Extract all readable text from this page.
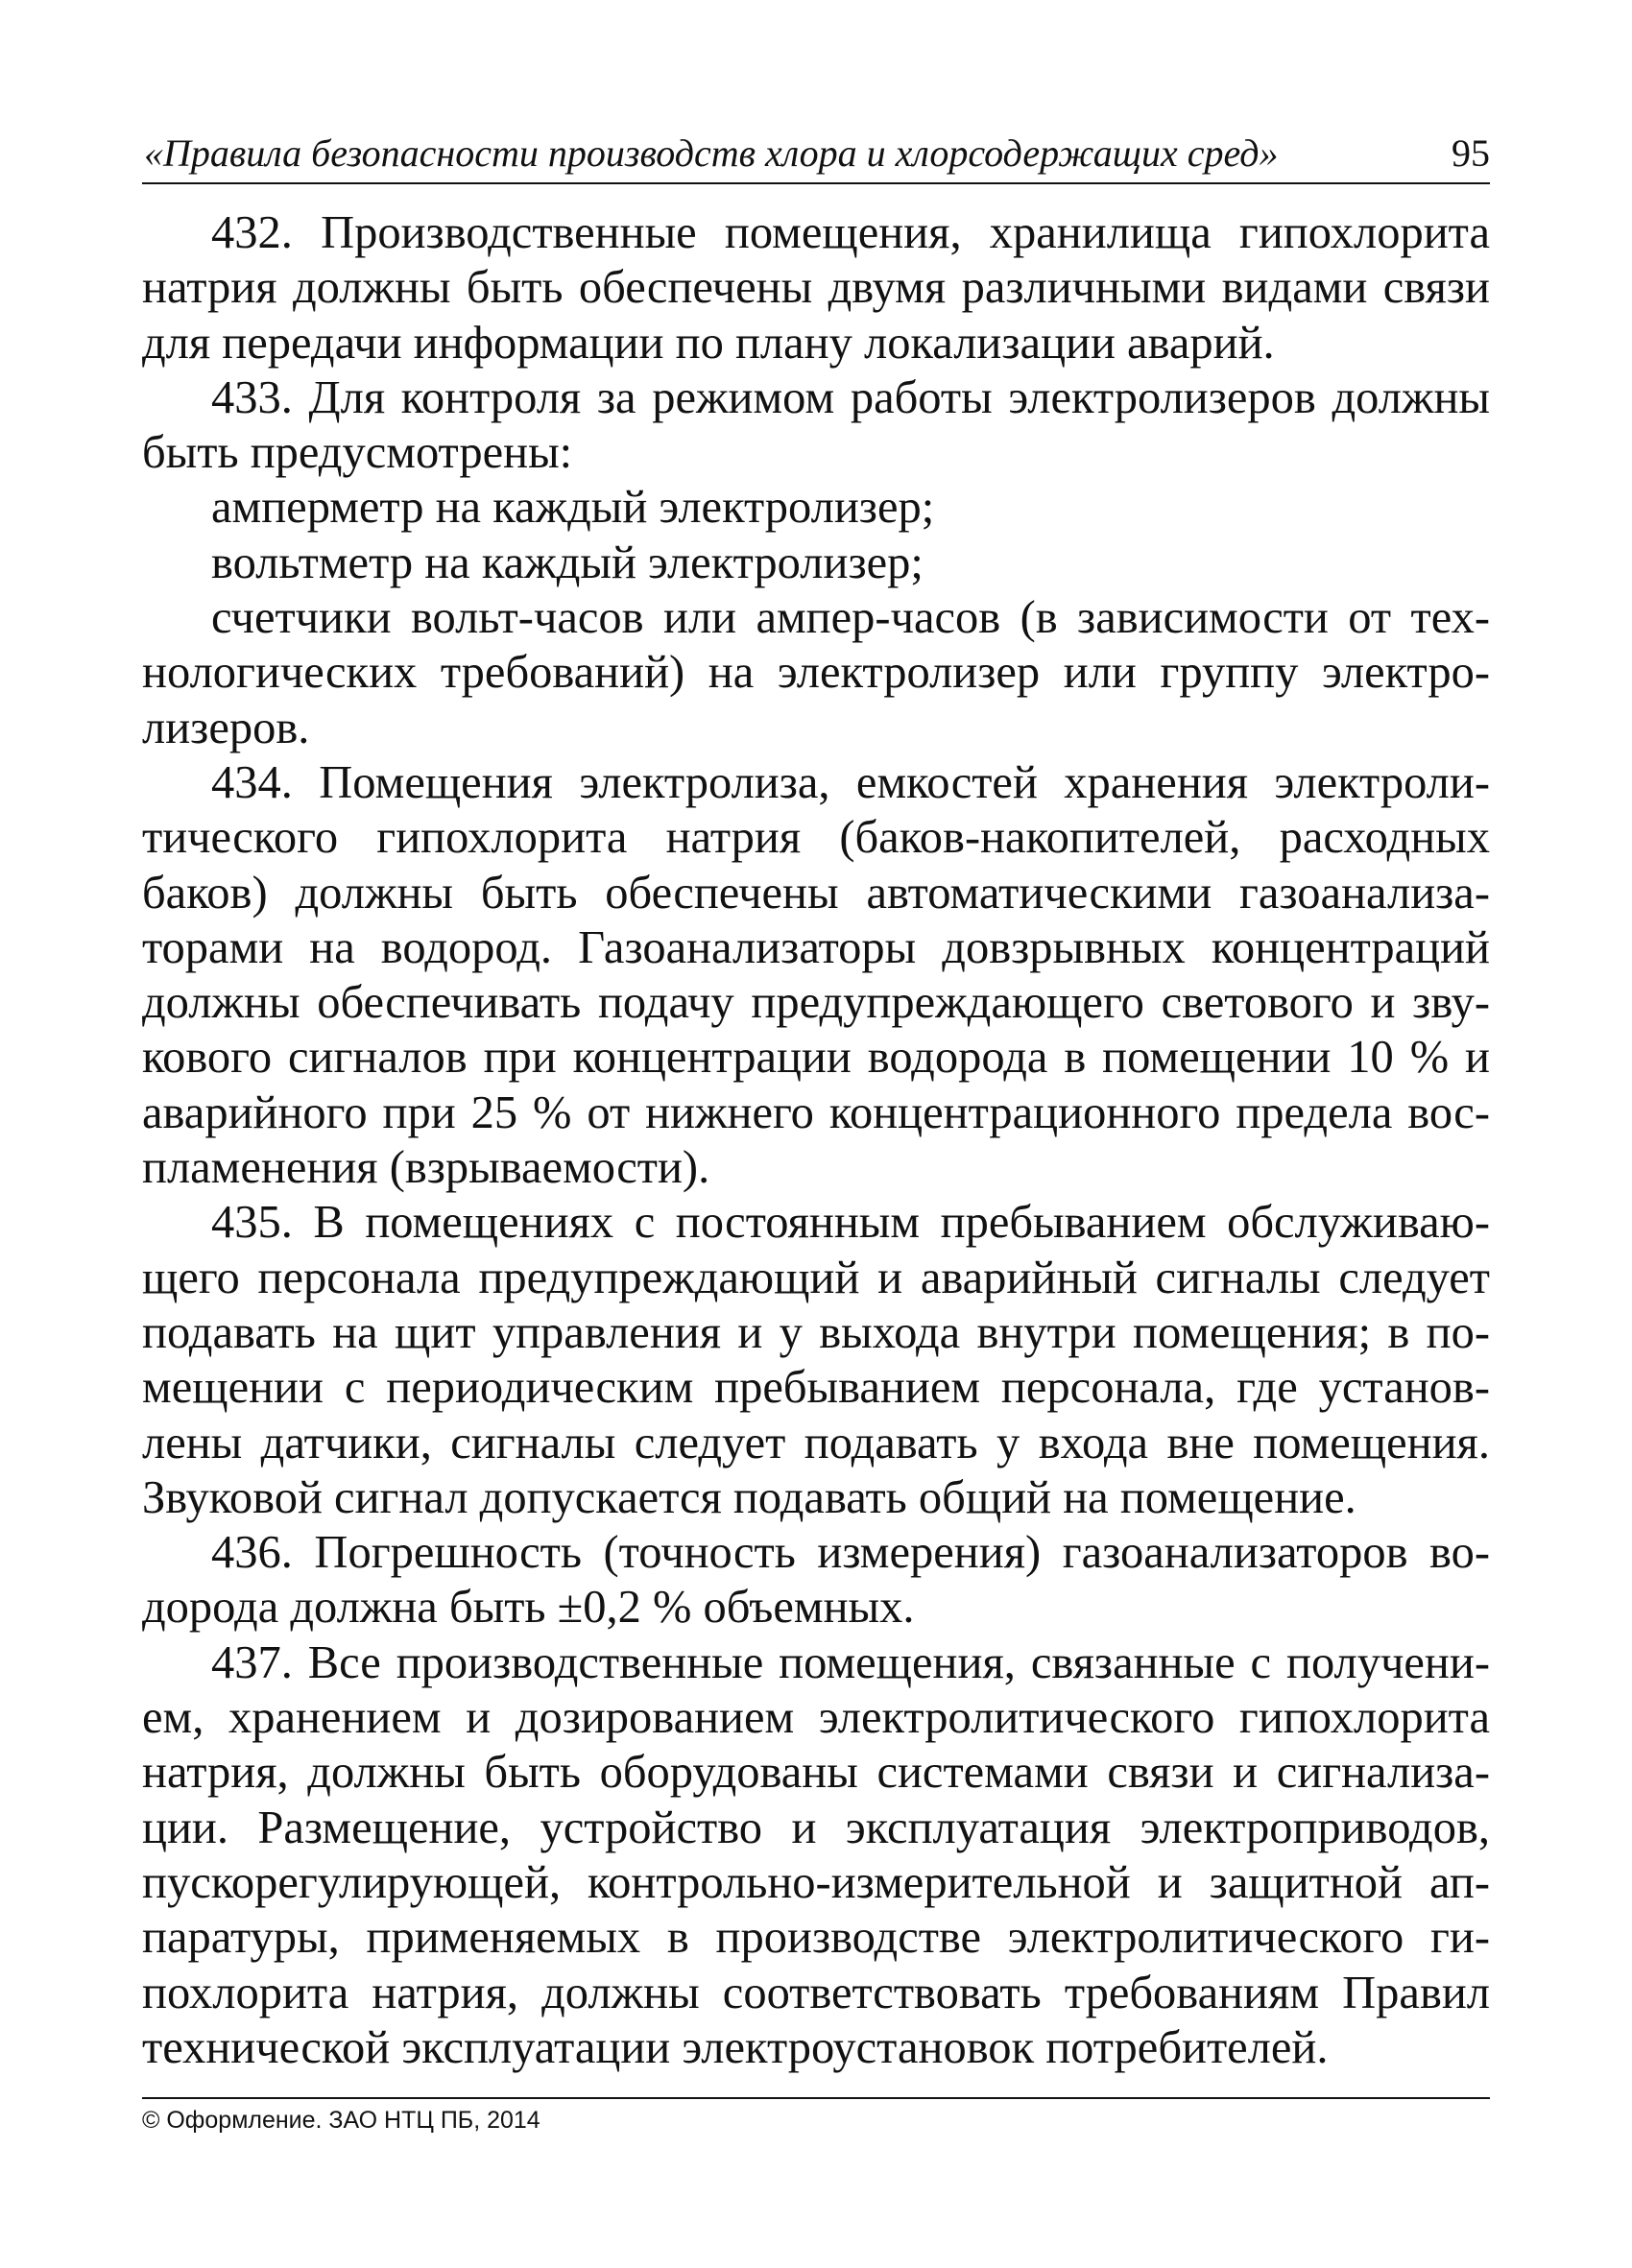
«Правила безопасности производств хлора и хлорсодержащих сред»	95

432. Производственные помещения, хранилища гипохлорита натрия должны быть обеспечены двумя различными видами связи для передачи информации по плану локализации аварий.

433. Для контроля за режимом работы электролизеров должны быть предусмотрены:

амперметр на каждый электролизер;

вольтметр на каждый электролизер;

счетчики вольт-часов или ампер-часов (в зависимости от технологических требований) на электролизер или группу электролизеров.

434. Помещения электролиза, емкостей хранения электролитического гипохлорита натрия (баков-накопителей, расходных баков) должны быть обеспечены автоматическими газоанализаторами на водород. Газоанализаторы довзрывных концентраций должны обеспечивать подачу предупреждающего светового и звукового сигналов при концентрации водорода в помещении 10 % и аварийного при 25 % от нижнего концентрационного предела воспламенения (взрываемости).

435. В помещениях с постоянным пребыванием обслуживающего персонала предупреждающий и аварийный сигналы следует подавать на щит управления и у выхода внутри помещения; в помещении с периодическим пребыванием персонала, где установлены датчики, сигналы следует подавать у входа вне помещения. Звуковой сигнал допускается подавать общий на помещение.

436. Погрешность (точность измерения) газоанализаторов водорода должна быть ±0,2 % объемных.

437. Все производственные помещения, связанные с получением, хранением и дозированием электролитического гипохлорита натрия, должны быть оборудованы системами связи и сигнализации. Размещение, устройство и эксплуатация электроприводов, пускорегулирующей, контрольно-измерительной и защитной аппаратуры, применяемых в производстве электролитического гипохлорита натрия, должны соответствовать требованиям Правил технической эксплуатации электроустановок потребителей.

© Оформление. ЗАО НТЦ ПБ, 2014
